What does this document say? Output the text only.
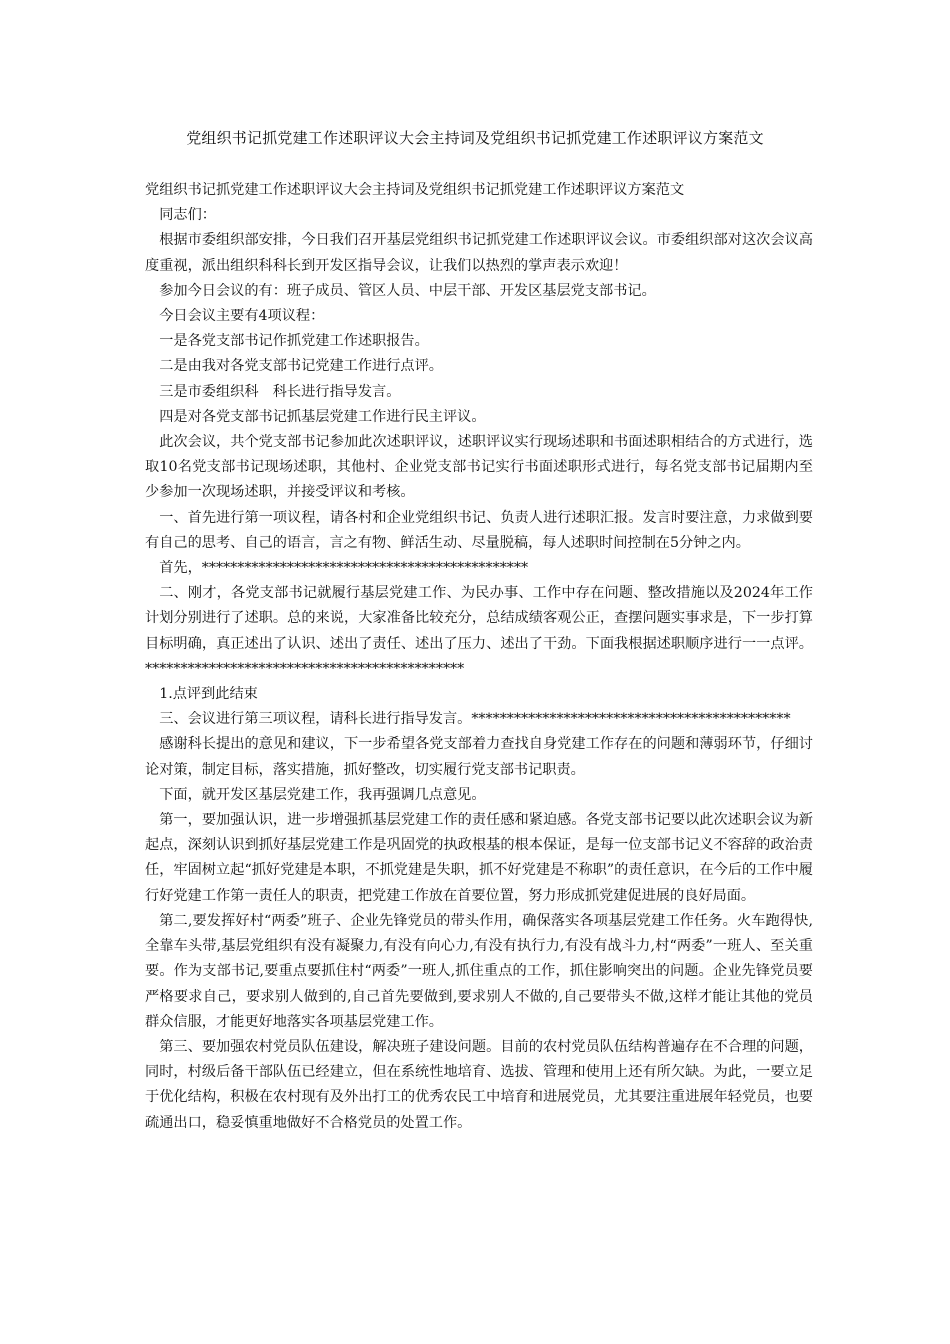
党组织书记抓党建工作述职评议大会主持词及党组织书记抓党建工作述职评议方案范文

党组织书记抓党建工作述职评议大会主持词及党组织书记抓党建工作述职评议方案范文

同志们：

根据市委组织部安排，今日我们召开基层党组织书记抓党建工作述职评议会议。市委组织部对这次会议高度重视，派出组织科科长到开发区指导会议，让我们以热烈的掌声表示欢迎！

参加今日会议的有：班子成员、管区人员、中层干部、开发区基层党支部书记。

今日会议主要有4项议程：

一是各党支部书记作抓党建工作述职报告。

二是由我对各党支部书记党建工作进行点评。

三是市委组织科　科长进行指导发言。

四是对各党支部书记抓基层党建工作进行民主评议。

此次会议，共个党支部书记参加此次述职评议，述职评议实行现场述职和书面述职相结合的方式进行，选取10名党支部书记现场述职，其他村、企业党支部书记实行书面述职形式进行，每名党支部书记届期内至少参加一次现场述职，并接受评议和考核。

一、首先进行第一项议程，请各村和企业党组织书记、负责人进行述职汇报。发言时要注意，力求做到要有自己的思考、自己的语言，言之有物、鲜活生动、尽量脱稿，每人述职时间控制在5分钟之内。

首先，**********************************************

二、刚才，各党支部书记就履行基层党建工作、为民办事、工作中存在问题、整改措施以及2024年工作计划分别进行了述职。总的来说，大家准备比较充分，总结成绩客观公正，查摆问题实事求是，下一步打算目标明确，真正述出了认识、述出了责任、述出了压力、述出了干劲。下面我根据述职顺序进行一一点评。*********************************************

1.点评到此结束

三、会议进行第三项议程，请科长进行指导发言。*********************************************

感谢科长提出的意见和建议，下一步希望各党支部着力查找自身党建工作存在的问题和薄弱环节，仔细讨论对策，制定目标，落实措施，抓好整改，切实履行党支部书记职责。

下面，就开发区基层党建工作，我再强调几点意见。

第一，要加强认识，进一步增强抓基层党建工作的责任感和紧迫感。各党支部书记要以此次述职会议为新起点，深刻认识到抓好基层党建工作是巩固党的执政根基的根本保证，是每一位支部书记义不容辞的政治责任，牢固树立起“抓好党建是本职，不抓党建是失职，抓不好党建是不称职”的责任意识，在今后的工作中履行好党建工作第一责任人的职责，把党建工作放在首要位置，努力形成抓党建促进展的良好局面。

第二,要发挥好村“两委”班子、企业先锋党员的带头作用，确保落实各项基层党建工作任务。火车跑得快,全靠车头带,基层党组织有没有凝聚力,有没有向心力,有没有执行力,有没有战斗力,村“两委”一班人、至关重要。作为支部书记,要重点要抓住村“两委”一班人,抓住重点的工作，抓住影响突出的问题。企业先锋党员要严格要求自己，要求别人做到的,自己首先要做到,要求别人不做的,自己要带头不做,这样才能让其他的党员群众信服，才能更好地落实各项基层党建工作。

第三、要加强农村党员队伍建设，解决班子建设问题。目前的农村党员队伍结构普遍存在不合理的问题，同时，村级后备干部队伍已经建立，但在系统性地培育、选拔、管理和使用上还有所欠缺。为此，一要立足于优化结构，积极在农村现有及外出打工的优秀农民工中培育和进展党员，尤其要注重进展年轻党员，也要疏通出口，稳妥慎重地做好不合格党员的处置工作。
